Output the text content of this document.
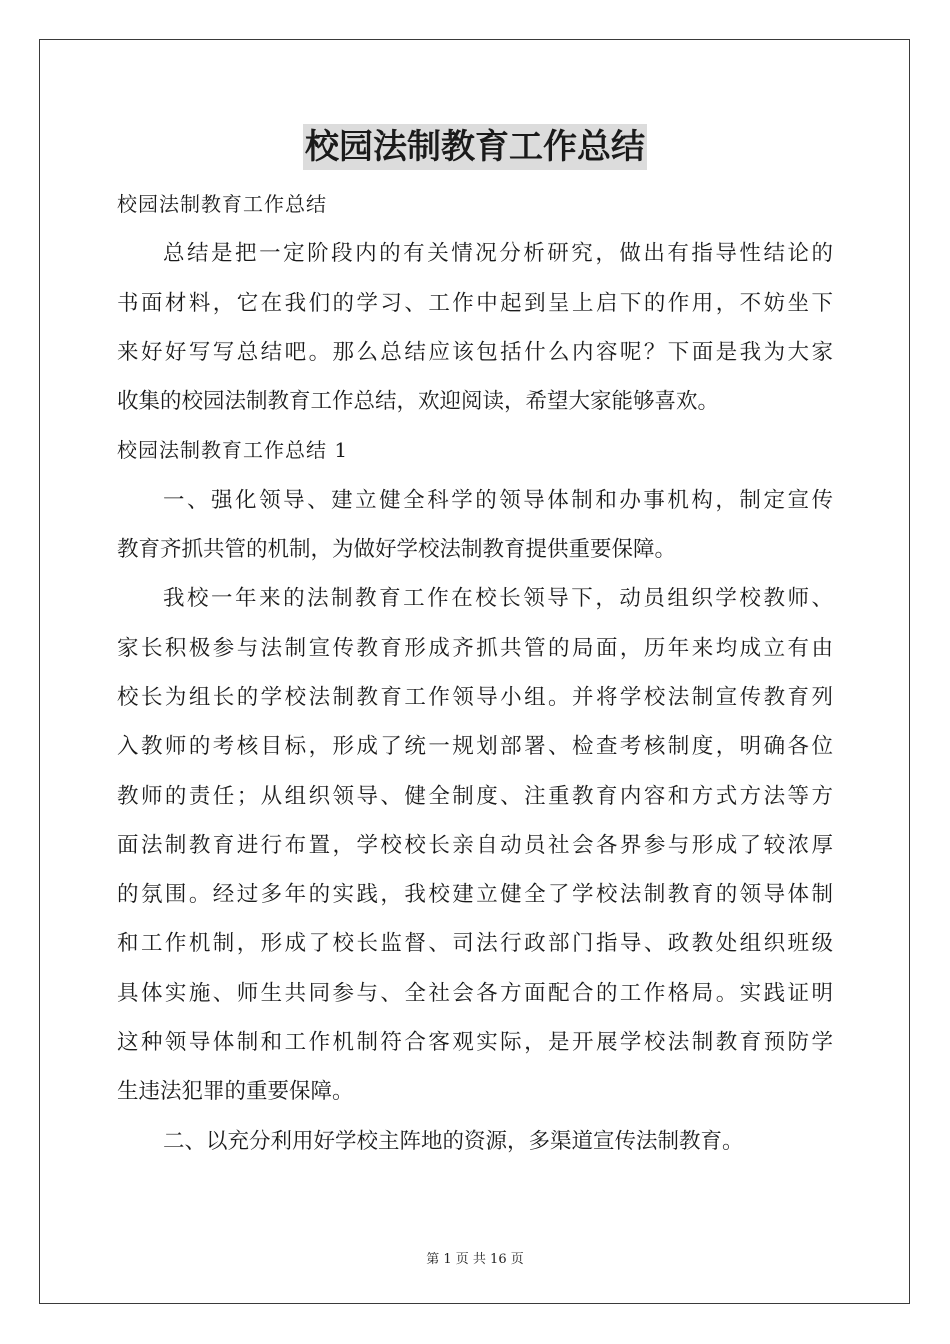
校园法制教育工作总结
校园法制教育工作总结
总结是把一定阶段内的有关情况分析研究，做出有指导性结论的
书面材料，它在我们的学习、工作中起到呈上启下的作用，不妨坐下
来好好写写总结吧。那么总结应该包括什么内容呢？下面是我为大家
收集的校园法制教育工作总结，欢迎阅读，希望大家能够喜欢。
校园法制教育工作总结 1
一、强化领导、建立健全科学的领导体制和办事机构，制定宣传
教育齐抓共管的机制，为做好学校法制教育提供重要保障。
我校一年来的法制教育工作在校长领导下，动员组织学校教师、
家长积极参与法制宣传教育形成齐抓共管的局面，历年来均成立有由
校长为组长的学校法制教育工作领导小组。并将学校法制宣传教育列
入教师的考核目标，形成了统一规划部署、检查考核制度，明确各位
教师的责任；从组织领导、健全制度、注重教育内容和方式方法等方
面法制教育进行布置，学校校长亲自动员社会各界参与形成了较浓厚
的氛围。经过多年的实践，我校建立健全了学校法制教育的领导体制
和工作机制，形成了校长监督、司法行政部门指导、政教处组织班级
具体实施、师生共同参与、全社会各方面配合的工作格局。实践证明
这种领导体制和工作机制符合客观实际，是开展学校法制教育预防学
生违法犯罪的重要保障。
二、以充分利用好学校主阵地的资源，多渠道宣传法制教育。
第 1 页 共 16 页
